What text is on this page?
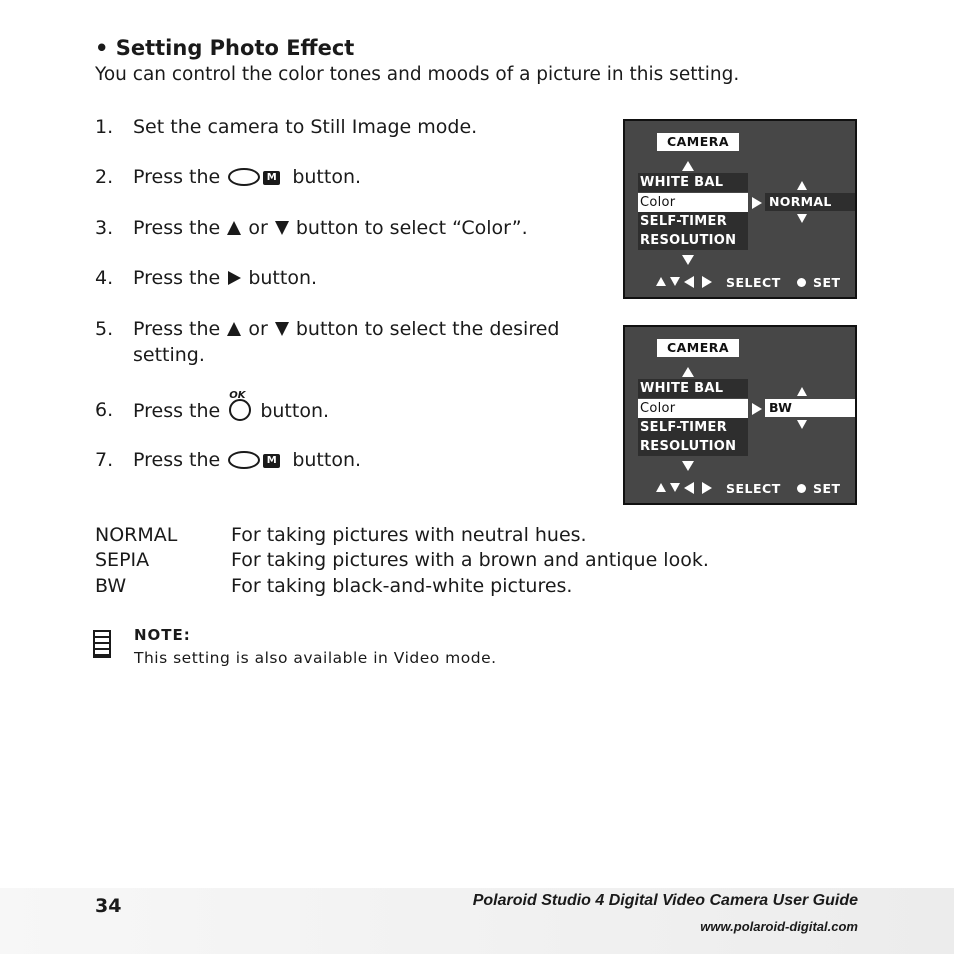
• Setting Photo Effect
You can control the color tones and moods of a picture in this setting.
1.	Set the camera to Still Image mode.
2.	Press the	M button.
3.	Press the or button to select “Color”.
4.	Press the button.
5.	Press the or button to select the desired
setting.
6.	Press the
OK
button.
7.	Press the	M button.
CAMERA
WHITE BAL
Color
SELF-TIMER
RESOLUTION
NORMAL
SELECT	SET
CAMERA
WHITE BAL
Color
SELF-TIMER
RESOLUTION
BW
SELECT	SET
NORMAL	For taking pictures with neutral hues.
SEPIA	For taking pictures with a brown and antique look.
BW	For taking black-and-white pictures.
NOTE:
This setting is also available in Video mode.
34	Polaroid Studio 4 Digital Video Camera User Guide
www.polaroid-digital.com
